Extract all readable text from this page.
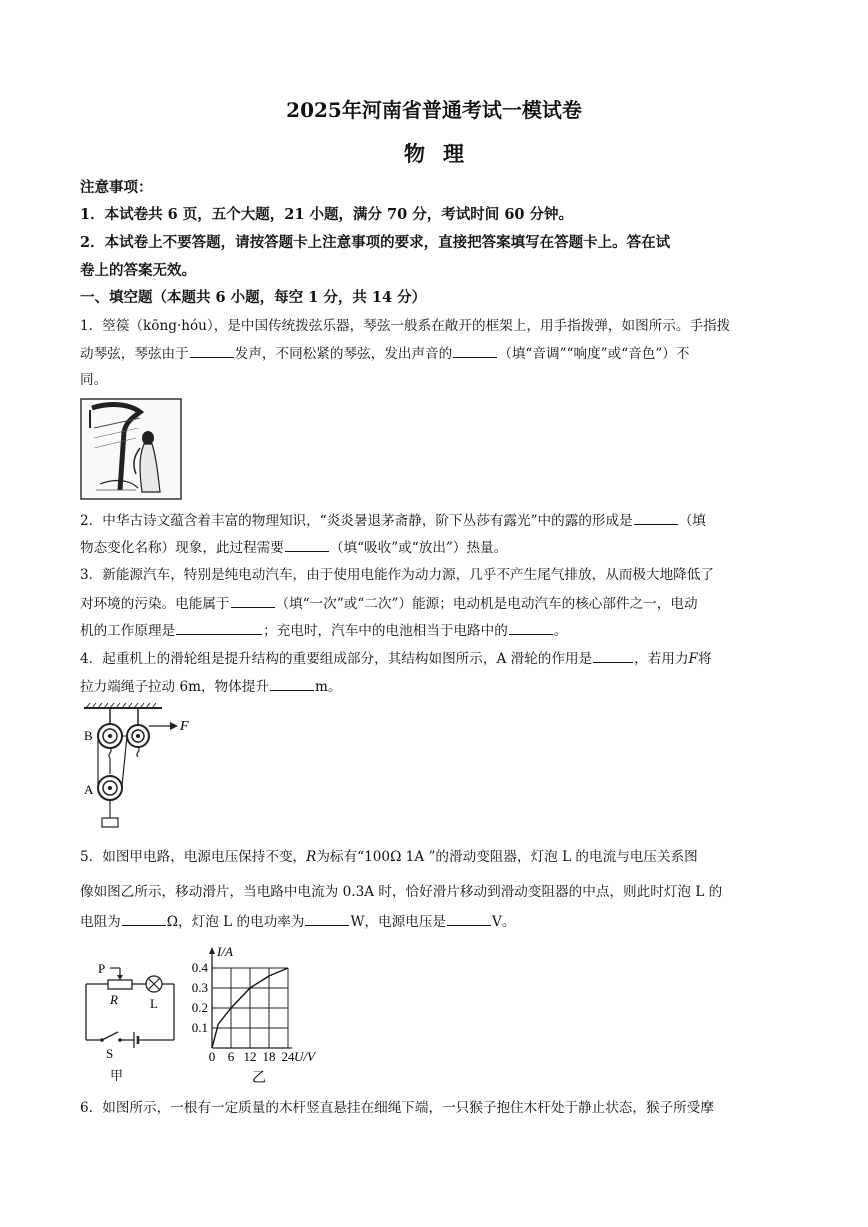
2025年河南省普通考试一模试卷
物理
注意事项：
1．本试卷共 6 页，五个大题，21 小题，满分 70 分，考试时间 60 分钟。
2．本试卷上不要答题，请按答题卡上注意事项的要求，直接把答案填写在答题卡上。答在试
卷上的答案无效。
一、填空题（本题共 6 小题，每空 1 分，共 14 分）
1．箜篌（kōng·hóu），是中国传统拨弦乐器，琴弦一般系在敞开的框架上，用手指拨弹，如图所示。手指拨
动琴弦，琴弦由于	发声，不同松紧的琴弦，发出声音的	（填“音调”“响度”或“音色”）不
同。
2．中华古诗文蕴含着丰富的物理知识，“炎炎暑退茅斋静，阶下丛莎有露光”中的露的形成是	（填
物态变化名称）现象，此过程需要	（填“吸收”或“放出”）热量。
3．新能源汽车，特别是纯电动汽车，由于使用电能作为动力源，几乎不产生尾气排放，从而极大地降低了
对环境的污染。电能属于	（填“一次”或“二次”）能源；电动机是电动汽车的核心部件之一，电动
机的工作原理是	；充电时，汽车中的电池相当于电路中的	。
4．起重机上的滑轮组是提升结构的重要组成部分，其结构如图所示，A 滑轮的作用是	，若用力F将
拉力端绳子拉动 6m，物体提升	m。
B
A
F
5．如图甲电路，电源电压保持不变，R为标有“100Ω 1A ”的滑动变阻器，灯泡 L 的电流与电压关系图
像如图乙所示，移动滑片，当电路中电流为 0.3A 时，恰好滑片移动到滑动变阻器的中点，则此时灯泡 L 的
电阻为	Ω，灯泡 L 的电功率为	W，电源电压是	V。
P
R L
S
甲
0 6 12 18 24
0.1
0.2
0.3
0.4
I/A
U/V
乙
6．如图所示，一根有一定质量的木杆竖直悬挂在细绳下端，一只猴子抱住木杆处于静止状态，猴子所受摩
